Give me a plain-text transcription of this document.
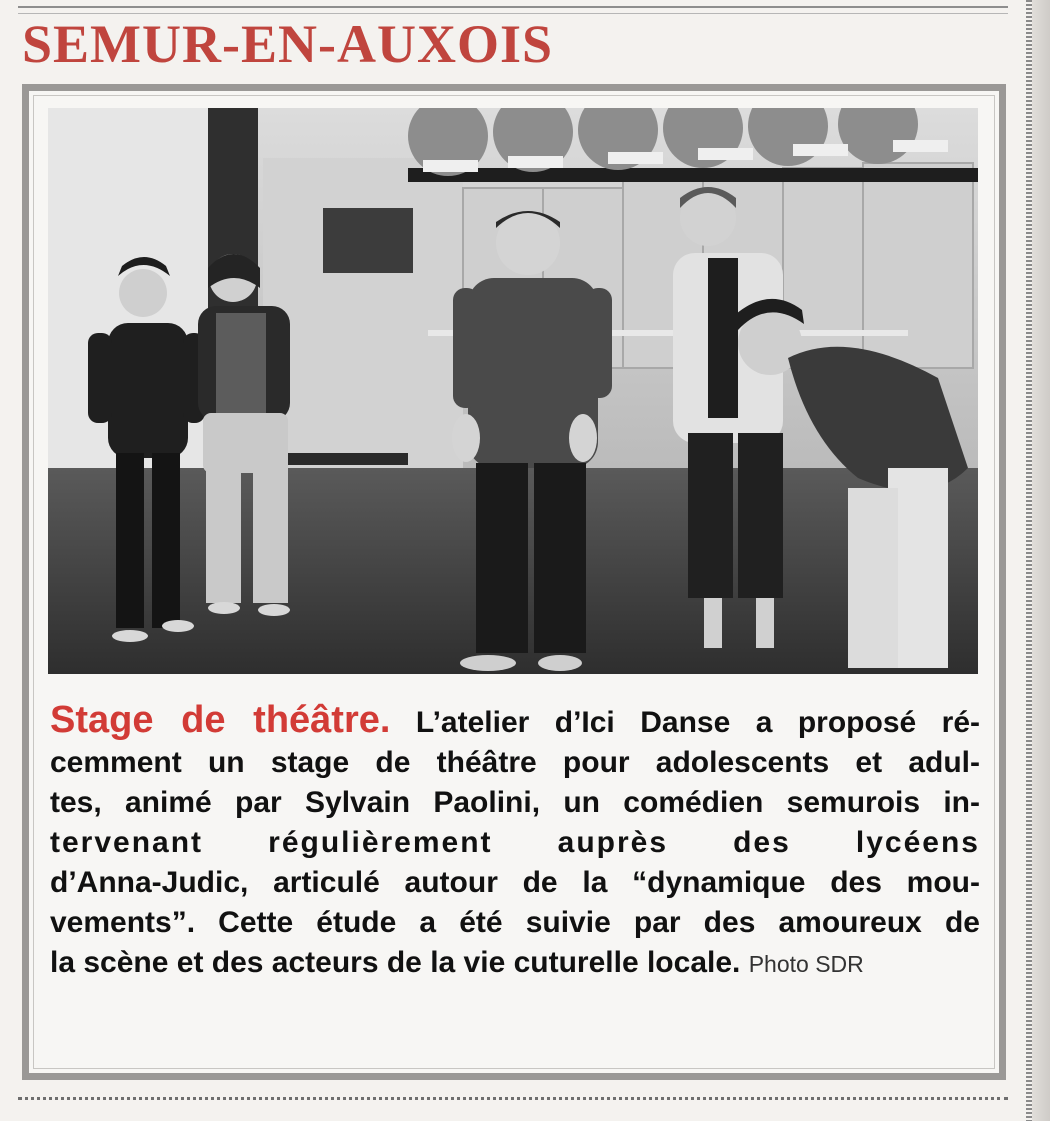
SEMUR-EN-AUXOIS
Stage de théâtre. L’atelier d’Ici Danse a proposé ré-
cemment un stage de théâtre pour adolescents et adul-
tes, animé par Sylvain Paolini, un comédien semurois in-
tervenant régulièrement auprès des lycéens
d’Anna-Judic, articulé autour de la “dynamique des mou-
vements”. Cette étude a été suivie par des amoureux de
la scène et des acteurs de la vie cuturelle locale. Photo SDR
